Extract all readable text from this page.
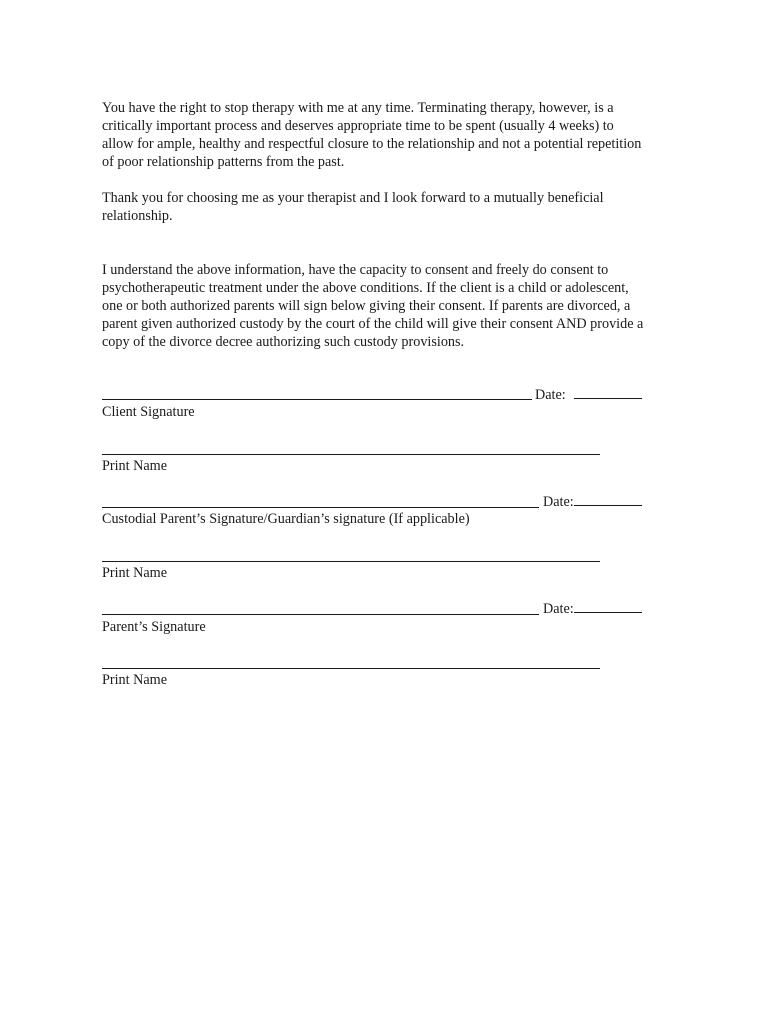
You have the right to stop therapy with me at any time. Terminating therapy, however, is a
critically important process and deserves appropriate time to be spent (usually 4 weeks) to
allow for ample, healthy and respectful closure to the relationship and not a potential repetition
of poor relationship patterns from the past.
Thank you for choosing me as your therapist and I look forward to a mutually beneficial
relationship.
I understand the above information, have the capacity to consent and freely do consent to
psychotherapeutic treatment under the above conditions. If the client is a child or adolescent,
one or both authorized parents will sign below giving their consent. If parents are divorced, a
parent given authorized custody by the court of the child will give their consent AND provide a
copy of the divorce decree authorizing such custody provisions.
Date:
Client Signature
Print Name
Date:
Custodial Parent’s Signature/Guardian’s signature (If applicable)
Print Name
Date:
Parent’s Signature
Print Name
